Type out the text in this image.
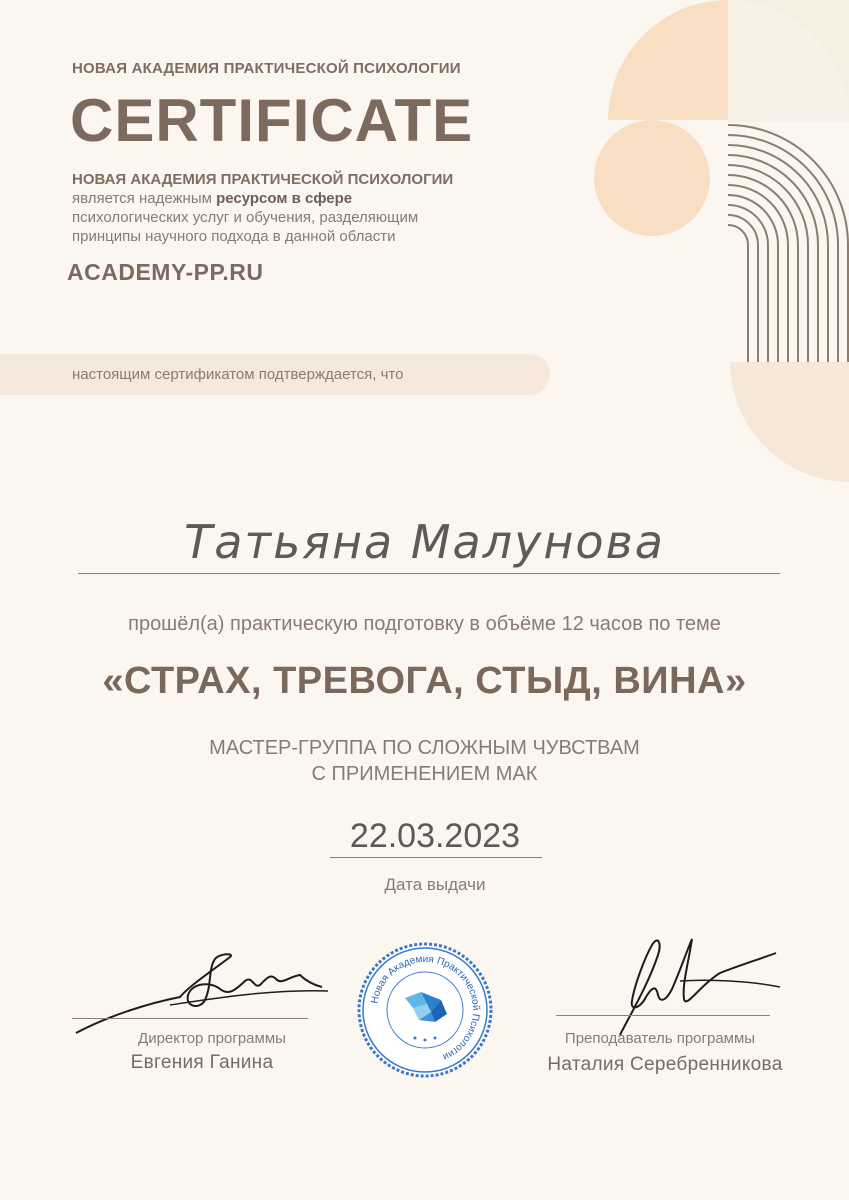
НОВАЯ АКАДЕМИЯ ПРАКТИЧЕСКОЙ ПСИХОЛОГИИ
CERTIFICATE
НОВАЯ АКАДЕМИЯ ПРАКТИЧЕСКОЙ ПСИХОЛОГИИ
является надежным ресурсом в сфере
психологических услуг и обучения, разделяющим
принципы научного подхода в данной области
ACADEMY-PP.RU
настоящим сертификатом подтверждается, что
Татьяна Малунова
прошёл(а) практическую подготовку в объёме 12 часов по теме
«СТРАХ, ТРЕВОГА, СТЫД, ВИНА»
МАСТЕР-ГРУППА ПО СЛОЖНЫМ ЧУВСТВАМ
С ПРИМЕНЕНИЕМ МАК
22.03.2023
Дата выдачи
Директор программы
Евгения Ганина
Преподаватель программы
Наталия Серебренникова
Новая Академия Практической Психологии
